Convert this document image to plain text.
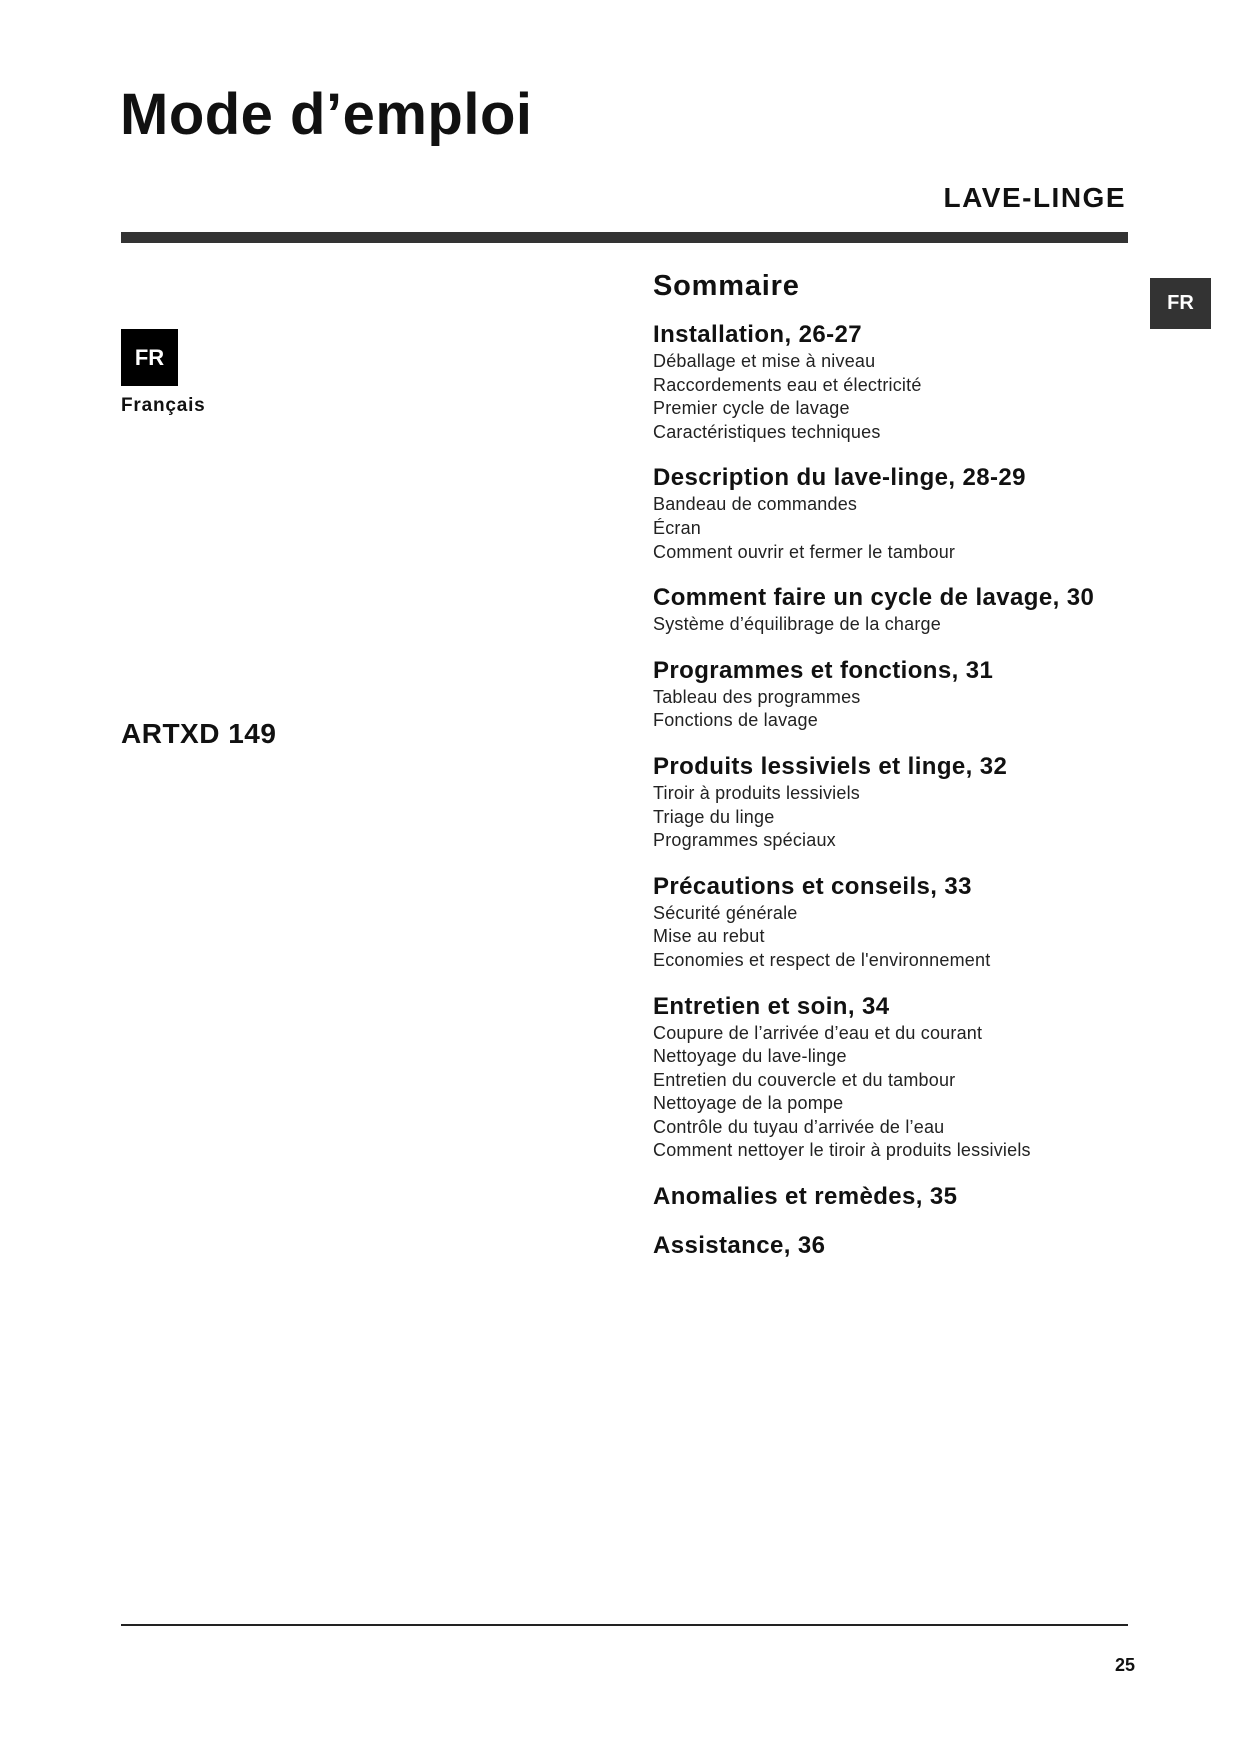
Mode d’emploi
LAVE-LINGE
FR
FR
Français
ARTXD 149
Sommaire
Installation, 26-27
Déballage et mise à niveau
Raccordements eau et électricité
Premier cycle de lavage
Caractéristiques techniques
Description du lave-linge, 28-29
Bandeau de commandes
Écran
Comment ouvrir et fermer le tambour
Comment faire un cycle de lavage, 30
Système d’équilibrage de la charge
Programmes et fonctions, 31
Tableau des programmes
Fonctions de lavage
Produits lessiviels et linge, 32
Tiroir à produits lessiviels
Triage du linge
Programmes spéciaux
Précautions et conseils, 33
Sécurité générale
Mise au rebut
Economies et respect de l'environnement
Entretien et soin, 34
Coupure de l’arrivée d’eau et du courant
Nettoyage du lave-linge
Entretien du couvercle et du tambour
Nettoyage de la pompe
Contrôle du tuyau d’arrivée de l’eau
Comment nettoyer le tiroir à produits lessiviels
Anomalies et remèdes, 35
Assistance, 36
25
